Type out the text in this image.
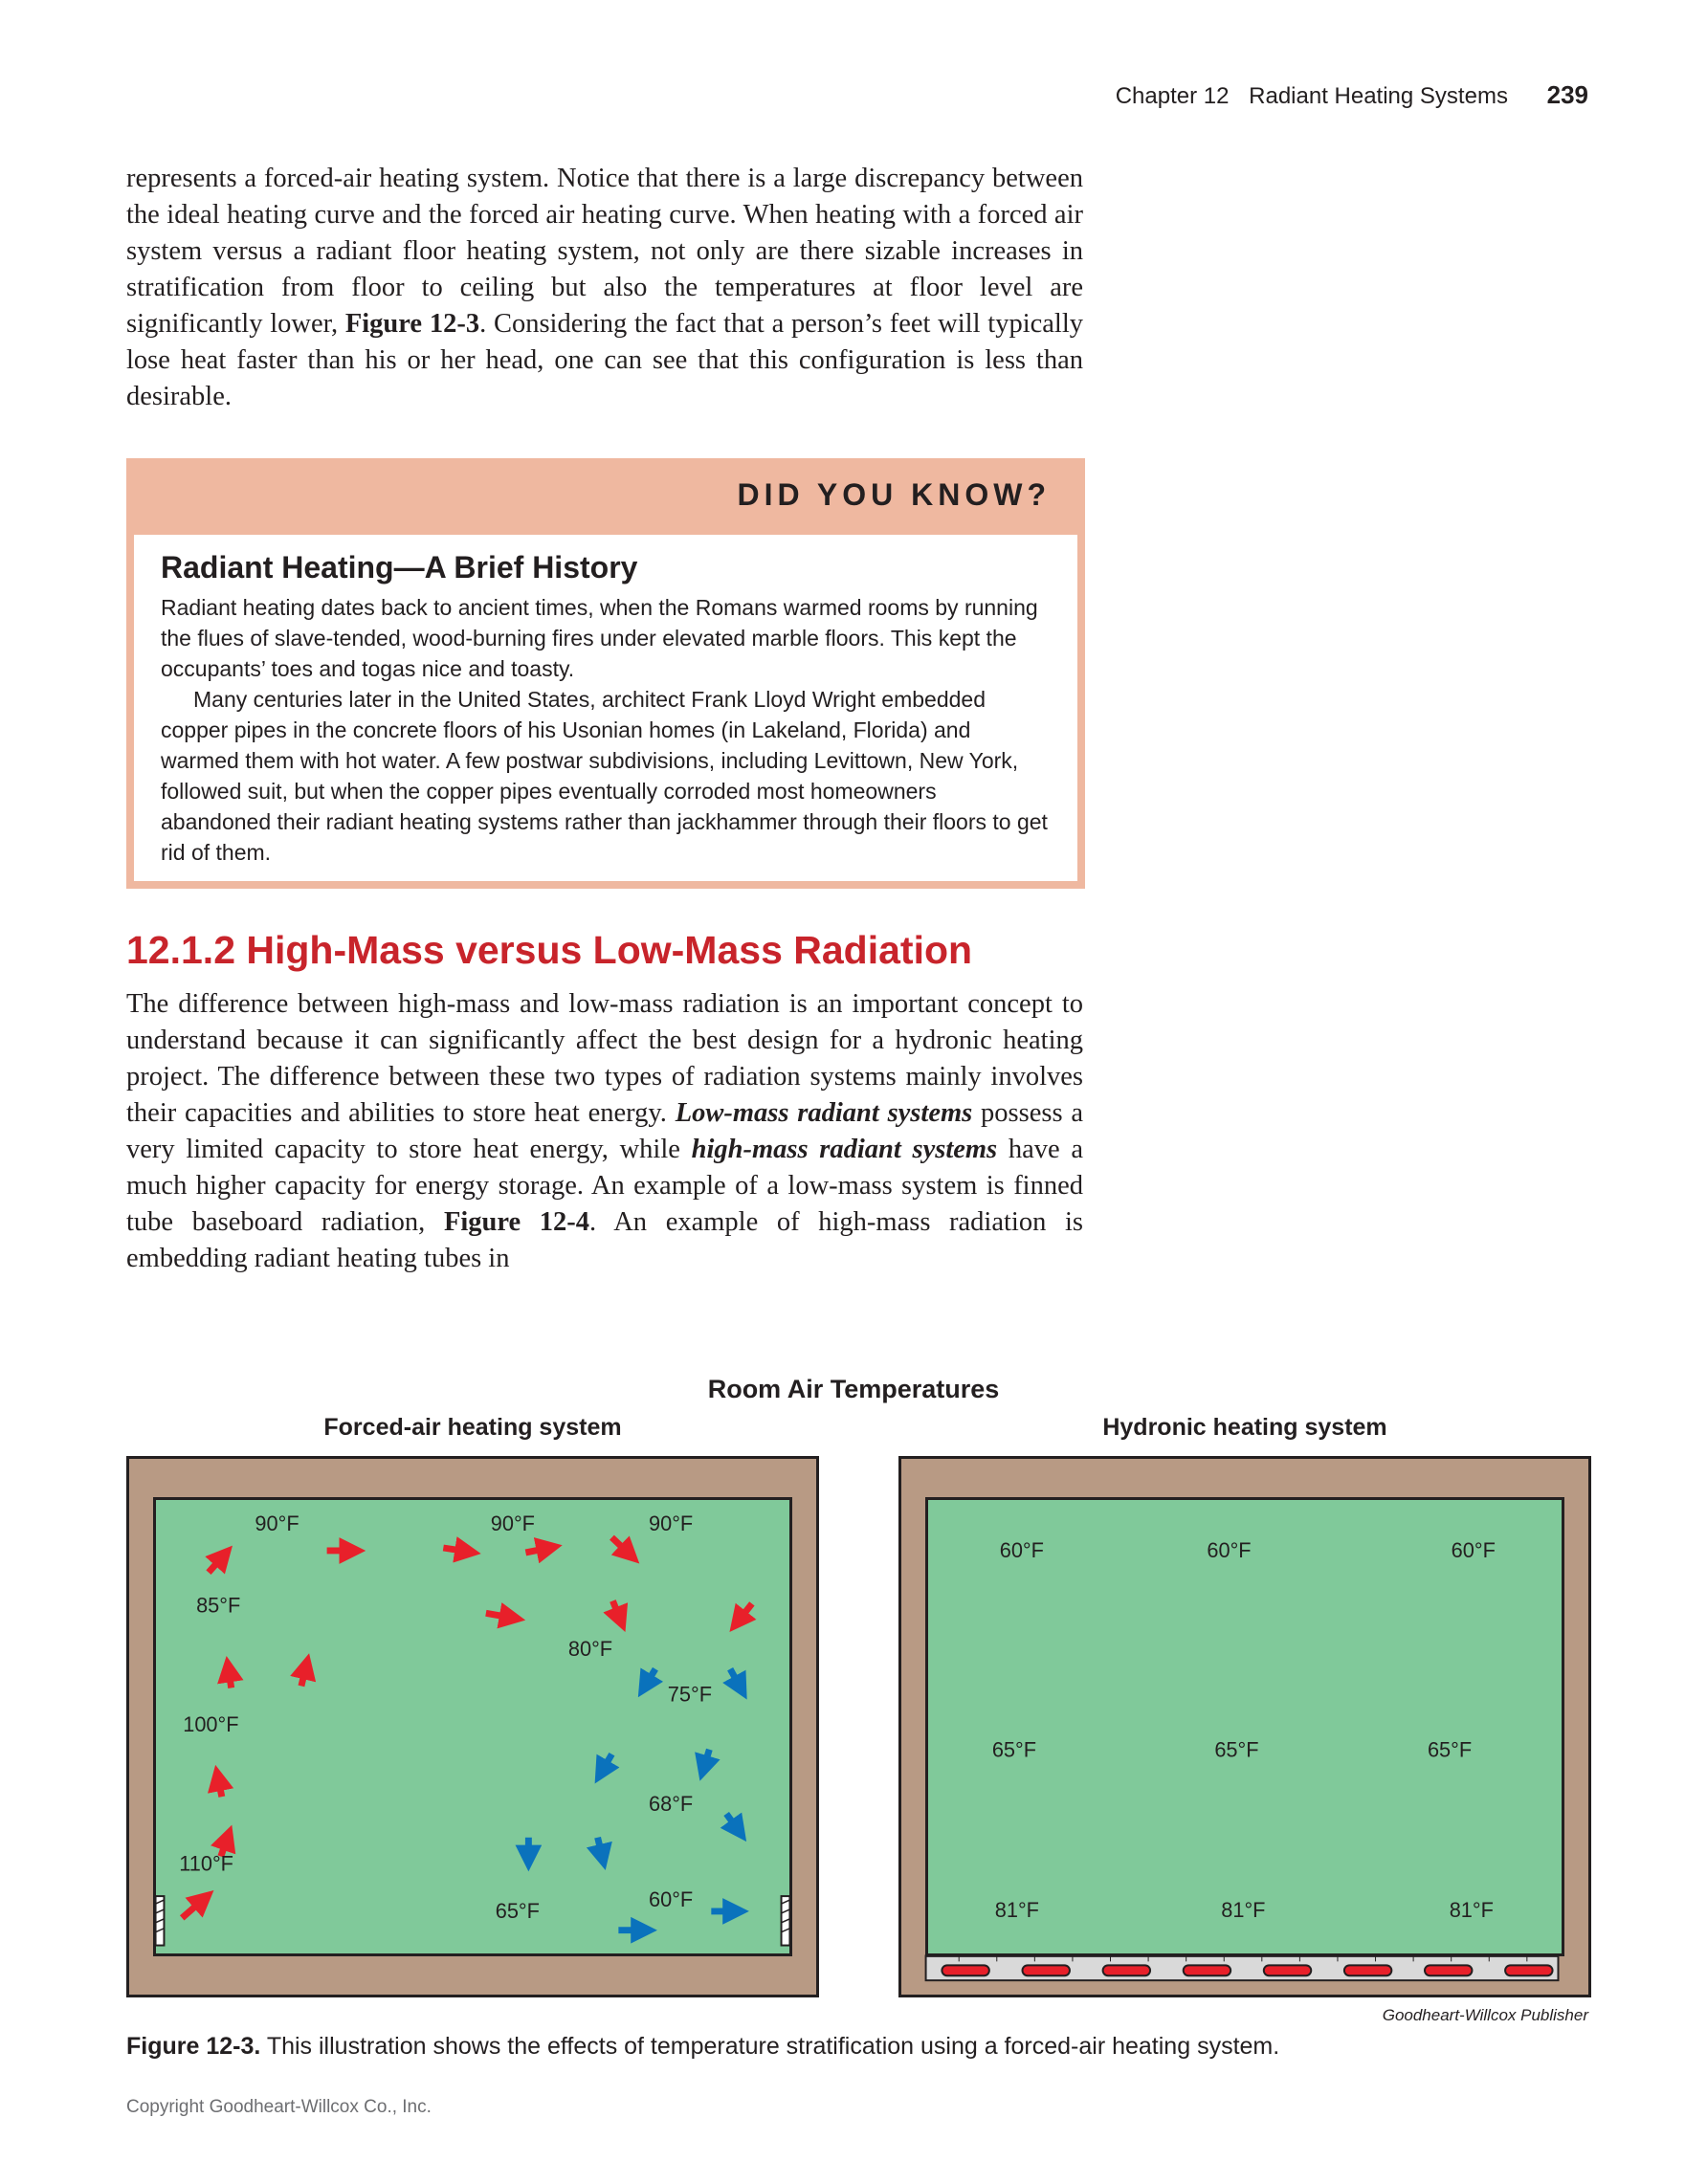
Chapter 12 Radiant Heating Systems 239

represents a forced-air heating system. Notice that there is a large discrepancy between the ideal heating curve and the forced air heating curve. When heating with a forced air system versus a radiant floor heating system, not only are there sizable increases in stratification from floor to ceiling but also the temperatures at floor level are significantly lower, Figure 12-3. Considering the fact that a person’s feet will typically lose heat faster than his or her head, one can see that this configuration is less than desirable.

DID YOU KNOW?

Radiant Heating—A Brief History

Radiant heating dates back to ancient times, when the Romans warmed rooms by running the flues of slave-tended, wood-burning fires under elevated marble floors. This kept the occupants’ toes and togas nice and toasty.

Many centuries later in the United States, architect Frank Lloyd Wright embedded copper pipes in the concrete floors of his Usonian homes (in Lakeland, Florida) and warmed them with hot water. A few postwar subdivisions, including Levittown, New York, followed suit, but when the copper pipes eventually corroded most homeowners abandoned their radiant heating systems rather than jackhammer through their floors to get rid of them.

12.1.2 High-Mass versus Low-Mass Radiation

The difference between high-mass and low-mass radiation is an important concept to understand because it can significantly affect the best design for a hydronic heating project. The difference between these two types of radiation systems mainly involves their capacities and abilities to store heat energy. Low-mass radiant systems possess a very limited capacity to store heat energy, while high-mass radiant systems have a much higher capacity for energy storage. An example of a low-mass system is finned tube baseboard radiation, Figure 12-4. An example of high-mass radiation is embedding radiant heating tubes in

Room Air Temperatures
Forced-air heating system	Hydronic heating system
90°F	90°F	90°F
85°F
80°F
75°F
100°F
68°F
110°F
65°F	60°F
60°F	60°F	60°F
65°F	65°F	65°F
81°F	81°F	81°F
Goodheart-Willcox Publisher
Figure 12-3. This illustration shows the effects of temperature stratification using a forced-air heating system.
Copyright Goodheart-Willcox Co., Inc.
